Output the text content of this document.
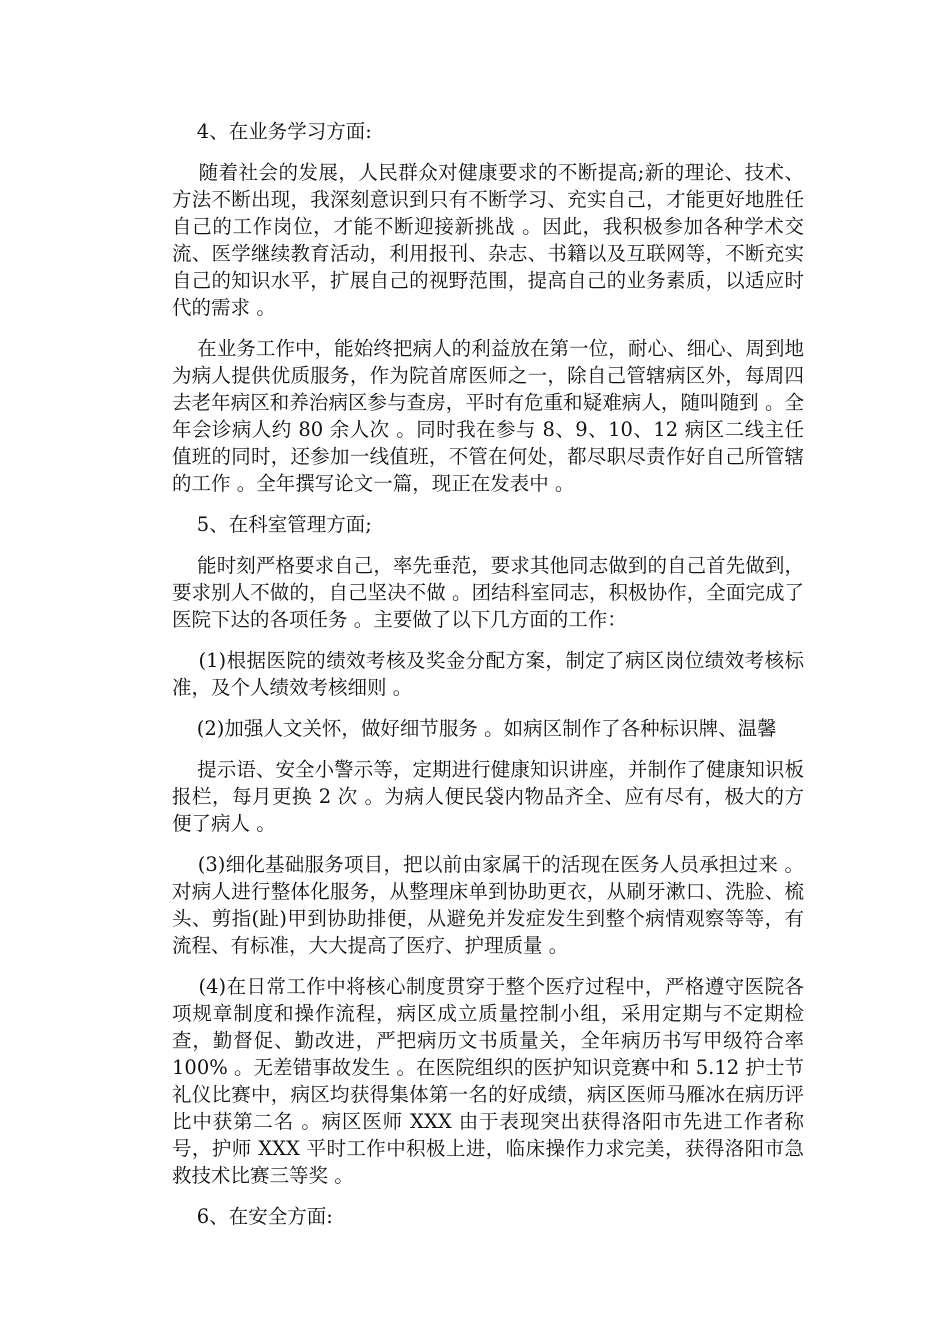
4、在业务学习方面:

随着社会的发展，人民群众对健康要求的不断提高;新的理论、技术、方法不断出现，我深刻意识到只有不断学习、充实自己，才能更好地胜任自己的工作岗位，才能不断迎接新挑战 。因此，我积极参加各种学术交流、医学继续教育活动，利用报刊、杂志、书籍以及互联网等，不断充实自己的知识水平，扩展自己的视野范围，提高自己的业务素质，以适应时代的需求 。

在业务工作中，能始终把病人的利益放在第一位，耐心、细心、周到地为病人提供优质服务，作为院首席医师之一，除自己管辖病区外，每周四去老年病区和养治病区参与查房，平时有危重和疑难病人，随叫随到 。全年会诊病人约 80 余人次 。同时我在参与 8、9、10、12 病区二线主任值班的同时，还参加一线值班，不管在何处，都尽职尽责作好自己所管辖的工作 。全年撰写论文一篇，现正在发表中 。

5、在科室管理方面;

能时刻严格要求自己，率先垂范，要求其他同志做到的自己首先做到，要求别人不做的，自己坚决不做 。团结科室同志，积极协作，全面完成了医院下达的各项任务 。主要做了以下几方面的工作：

(1)根据医院的绩效考核及奖金分配方案，制定了病区岗位绩效考核标准，及个人绩效考核细则 。

(2)加强人文关怀，做好细节服务 。如病区制作了各种标识牌、温馨

提示语、安全小警示等，定期进行健康知识讲座，并制作了健康知识板报栏，每月更换 2 次 。为病人便民袋内物品齐全、应有尽有，极大的方便了病人 。

(3)细化基础服务项目，把以前由家属干的活现在医务人员承担过来 。对病人进行整体化服务，从整理床单到协助更衣，从刷牙漱口、洗脸、梳头、剪指(趾)甲到协助排便，从避免并发症发生到整个病情观察等等，有流程、有标准，大大提高了医疗、护理质量 。

(4)在日常工作中将核心制度贯穿于整个医疗过程中，严格遵守医院各项规章制度和操作流程，病区成立质量控制小组，采用定期与不定期检查，勤督促、勤改进，严把病历文书质量关，全年病历书写甲级符合率 100% 。无差错事故发生 。在医院组织的医护知识竞赛中和 5.12 护士节礼仪比赛中，病区均获得集体第一名的好成绩，病区医师马雁冰在病历评比中获第二名 。病区医师 XXX 由于表现突出获得洛阳市先进工作者称号，护师 XXX 平时工作中积极上进，临床操作力求完美，获得洛阳市急救技术比赛三等奖 。

6、在安全方面:
